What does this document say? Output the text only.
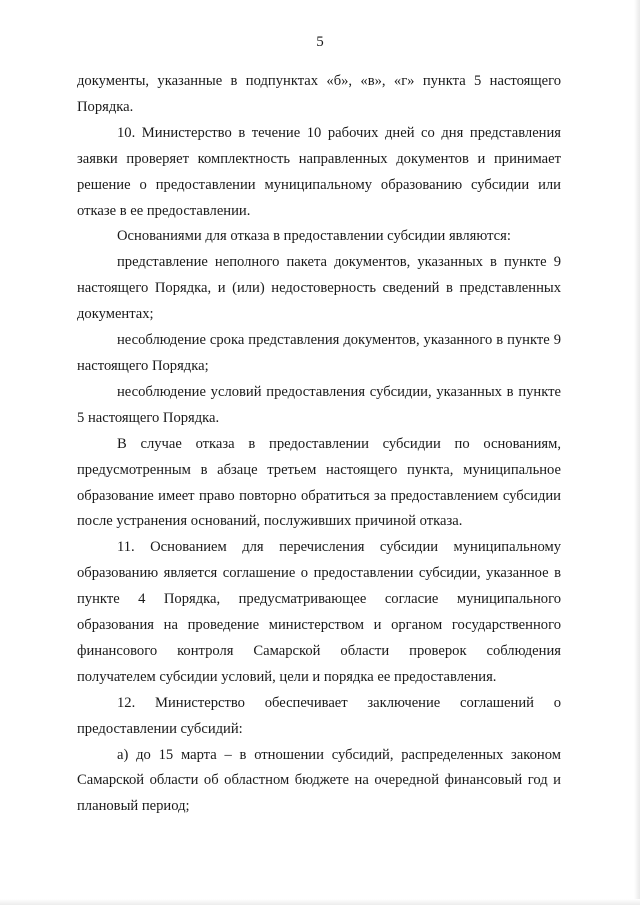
5

документы, указанные в подпунктах «б», «в», «г» пункта 5 настоящего Порядка.

10. Министерство в течение 10 рабочих дней со дня представления заявки проверяет комплектность направленных документов и принимает решение о предоставлении муниципальному образованию субсидии или отказе в ее предоставлении.

Основаниями для отказа в предоставлении субсидии являются:

представление неполного пакета документов, указанных в пункте 9 настоящего Порядка, и (или) недостоверность сведений в представленных документах;

несоблюдение срока представления документов, указанного в пункте 9 настоящего Порядка;

несоблюдение условий предоставления субсидии, указанных в пункте 5 настоящего Порядка.

В случае отказа в предоставлении субсидии по основаниям, предусмотренным в абзаце третьем настоящего пункта, муниципальное образование имеет право повторно обратиться за предоставлением субсидии после устранения оснований, послуживших причиной отказа.

11. Основанием для перечисления субсидии муниципальному образованию является соглашение о предоставлении субсидии, указанное в пункте 4 Порядка, предусматривающее согласие муниципального образования на проведение министерством и органом государственного финансового контроля Самарской области проверок соблюдения получателем субсидии условий, цели и порядка ее предоставления.

12. Министерство обеспечивает заключение соглашений о предоставлении субсидий:

а) до 15 марта – в отношении субсидий, распределенных законом Самарской области об областном бюджете на очередной финансовый год и плановый период;
